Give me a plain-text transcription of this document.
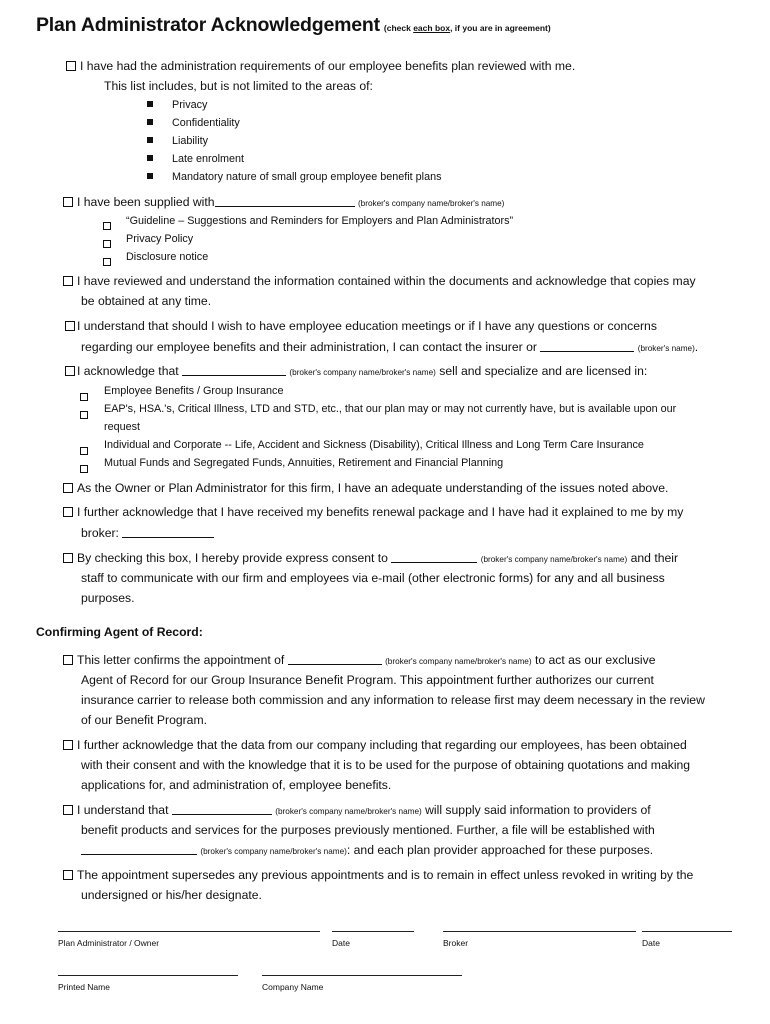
Plan Administrator Acknowledgement (check each box, if you are in agreement)
I have had the administration requirements of our employee benefits plan reviewed with me.
This list includes, but is not limited to the areas of:
Privacy
Confidentiality
Liability
Late enrolment
Mandatory nature of small group employee benefit plans
I have been supplied with	(broker's company name/broker's name)
“Guideline – Suggestions and Reminders for Employers and Plan Administrators”
Privacy Policy
Disclosure notice
I have reviewed and understand the information contained within the documents and acknowledge that copies may
be obtained at any time.
I understand that should I wish to have employee education meetings or if I have any questions or concerns
regarding our employee benefits and their administration, I can contact the insurer or	(broker's name).
I acknowledge that	(broker's company name/broker's name) sell and specialize and are licensed in:
Employee Benefits / Group Insurance
EAP's, HSA.'s, Critical Illness, LTD and STD, etc., that our plan may or may not currently have, but is available upon our
request
Individual and Corporate -- Life, Accident and Sickness (Disability), Critical Illness and Long Term Care Insurance
Mutual Funds and Segregated Funds, Annuities, Retirement and Financial Planning
As the Owner or Plan Administrator for this firm, I have an adequate understanding of the issues noted above.
I further acknowledge that I have received my benefits renewal package and I have had it explained to me by my
broker:
By checking this box, I hereby provide express consent to	(broker's company name/broker's name) and their
staff to communicate with our firm and employees via e-mail (other electronic forms) for any and all business
purposes.
Confirming Agent of Record:
This letter confirms the appointment of	(broker's company name/broker's name) to act as our exclusive
Agent of Record for our Group Insurance Benefit Program. This appointment further authorizes our current
insurance carrier to release both commission and any information to release first may deem necessary in the review
of our Benefit Program.
I further acknowledge that the data from our company including that regarding our employees, has been obtained
with their consent and with the knowledge that it is to be used for the purpose of obtaining quotations and making
applications for, and administration of, employee benefits.
I understand that	(broker's company name/broker's name) will supply said information to providers of
benefit products and services for the purposes previously mentioned. Further, a file will be established with
(broker's company name/broker's name): and each plan provider approached for these purposes.
The appointment supersedes any previous appointments and is to remain in effect unless revoked in writing by the
undersigned or his/her designate.
Plan Administrator / Owner	Date	Broker	Date
Printed Name	Company Name
